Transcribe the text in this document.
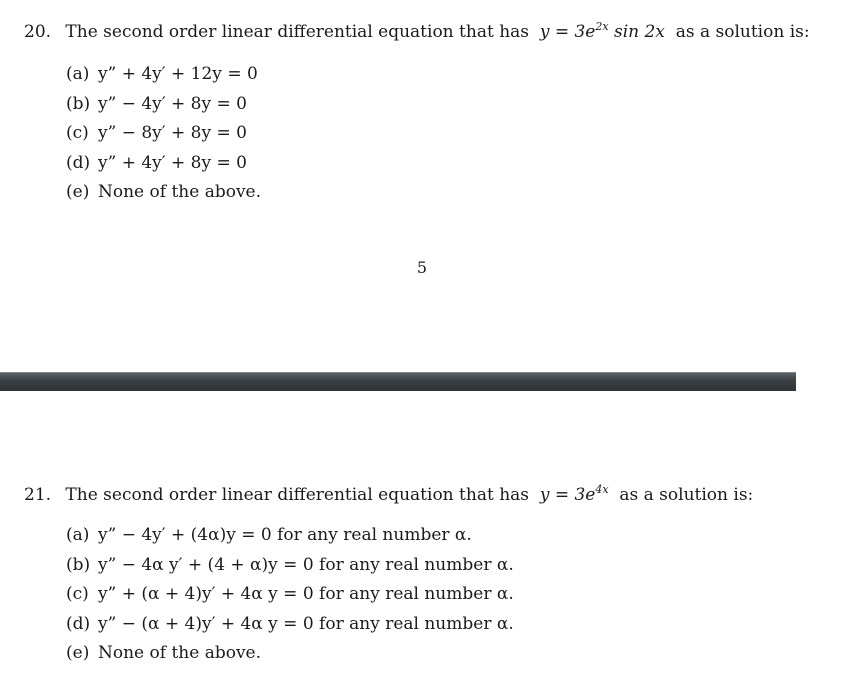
20. The second order linear differential equation that has $y = 3e^{2x}$ sin 2x as a solution is:
(a) y” + 4y′ + 12y = 0
(b) y” − 4y′ + 8y = 0
(c) y” − 8y′ + 8y = 0
(d) y” + 4y′ + 8y = 0
(e) None of the above.
5
21. The second order linear differential equation that has $y = 3e^{4x}$ as a solution is:
(a) y” − 4y′ + (4α)y = 0 for any real number α.
(b) y” − 4α y′ + (4 + α)y = 0 for any real number α.
(c) y” + (α + 4)y′ + 4α y = 0 for any real number α.
(d) y” − (α + 4)y′ + 4α y = 0 for any real number α.
(e) None of the above.
